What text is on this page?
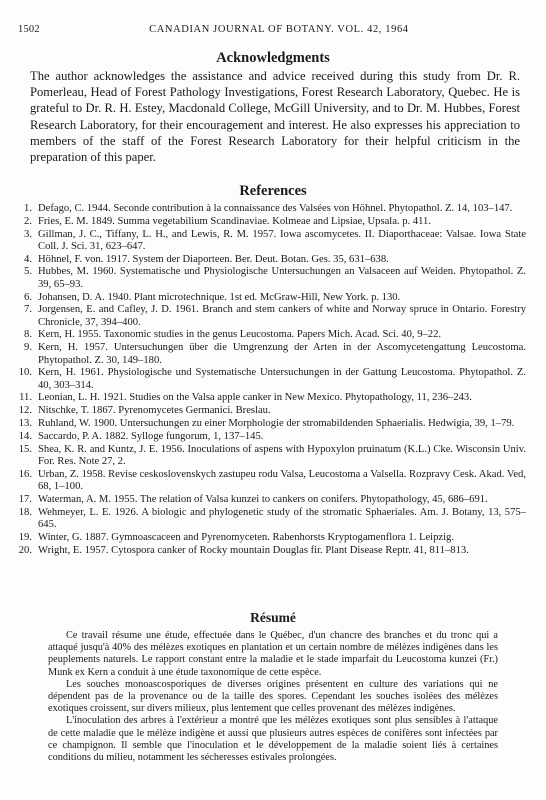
1502	CANADIAN JOURNAL OF BOTANY. VOL. 42, 1964
Acknowledgments
The author acknowledges the assistance and advice received during this study from Dr. R. Pomerleau, Head of Forest Pathology Investigations, Forest Research Laboratory, Quebec. He is grateful to Dr. R. H. Estey, Macdonald College, McGill University, and to Dr. M. Hubbes, Forest Research Laboratory, for their encouragement and interest. He also expresses his appreciation to members of the staff of the Forest Research Laboratory for their helpful criticism in the preparation of this paper.
References
1. Defago, C. 1944. Seconde contribution à la connaissance des Valsées von Höhnel. Phytopathol. Z. 14, 103–147.
2. Fries, E. M. 1849. Summa vegetabilium Scandinaviae. Kolmeae and Lipsiae, Upsala. p. 411.
3. Gillman, J. C., Tiffany, L. H., and Lewis, R. M. 1957. Iowa ascomycetes. II. Diaporthaceae: Valsae. Iowa State Coll. J. Sci. 31, 623–647.
4. Höhnel, F. von. 1917. System der Diaporteen. Ber. Deut. Botan. Ges. 35, 631–638.
5. Hubbes, M. 1960. Systematische und Physiologische Untersuchungen an Valsaceen auf Weiden. Phytopathol. Z. 39, 65–93.
6. Johansen, D. A. 1940. Plant microtechnique. 1st ed. McGraw-Hill, New York. p. 130.
7. Jorgensen, E. and Cafley, J. D. 1961. Branch and stem cankers of white and Norway spruce in Ontario. Forestry Chronicle, 37, 394–400.
8. Kern, H. 1955. Taxonomic studies in the genus Leucostoma. Papers Mich. Acad. Sci. 40, 9–22.
9. Kern, H. 1957. Untersuchungen über die Umgrenzung der Arten in der Ascomycetengattung Leucostoma. Phytopathol. Z. 30, 149–180.
10. Kern, H. 1961. Physiologische und Systematische Untersuchungen in der Gattung Leucostoma. Phytopathol. Z. 40, 303–314.
11. Leonian, L. H. 1921. Studies on the Valsa apple canker in New Mexico. Phytopathology, 11, 236–243.
12. Nitschke, T. 1867. Pyrenomycetes Germanici. Breslau.
13. Ruhland, W. 1900. Untersuchungen zu einer Morphologie der stromabildenden Sphaerialis. Hedwigia, 39, 1–79.
14. Saccardo, P. A. 1882. Sylloge fungorum, 1, 137–145.
15. Shea, K. R. and Kuntz, J. E. 1956. Inoculations of aspens with Hypoxylon pruinatum (K.L.) Cke. Wisconsin Univ. For. Res. Note 27, 2.
16. Urban, Z. 1958. Revise ceskoslovenskych zastupeu rodu Valsa, Leucostoma a Valsella. Rozpravy Cesk. Akad. Ved, 68, 1–100.
17. Waterman, A. M. 1955. The relation of Valsa kunzei to cankers on conifers. Phytopathology, 45, 686–691.
18. Wehmeyer, L. E. 1926. A biologic and phylogenetic study of the stromatic Sphaeriales. Am. J. Botany, 13, 575–645.
19. Winter, G. 1887. Gymnoascaceen and Pyrenomyceten. Rabenhorsts Kryptogamenflora 1. Leipzig.
20. Wright, E. 1957. Cytospora canker of Rocky mountain Douglas fir. Plant Disease Reptr. 41, 811–813.
Résumé

Ce travail résume une étude, effectuée dans le Québec, d'un chancre des branches et du tronc qui a attaqué jusqu'à 40% des mélèzes exotiques en plantation et un certain nombre de mélèzes indigènes dans les peuplements naturels. Le rapport constant entre la maladie et le stade imparfait du Leucostoma kunzei (Fr.) Munk ex Kern a conduit à une étude taxonomique de cette espèce.

Les souches monoascosporiques de diverses origines présentent en culture des variations qui ne dépendent pas de la provenance ou de la taille des spores. Cependant les souches isolées des mélèzes exotiques croissent, sur divers milieux, plus lentement que celles provenant des mélèzes indigènes.

L'inoculation des arbres à l'extérieur a montré que les mélèzes exotiques sont plus sensibles à l'attaque de cette maladie que le mélèze indigène et aussi que plusieurs autres espèces de conifères sont infectées par ce champignon. Il semble que l'inoculation et le développement de la maladie soient liés à certaines conditions du milieu, notamment les sécheresses estivales prolongées.
